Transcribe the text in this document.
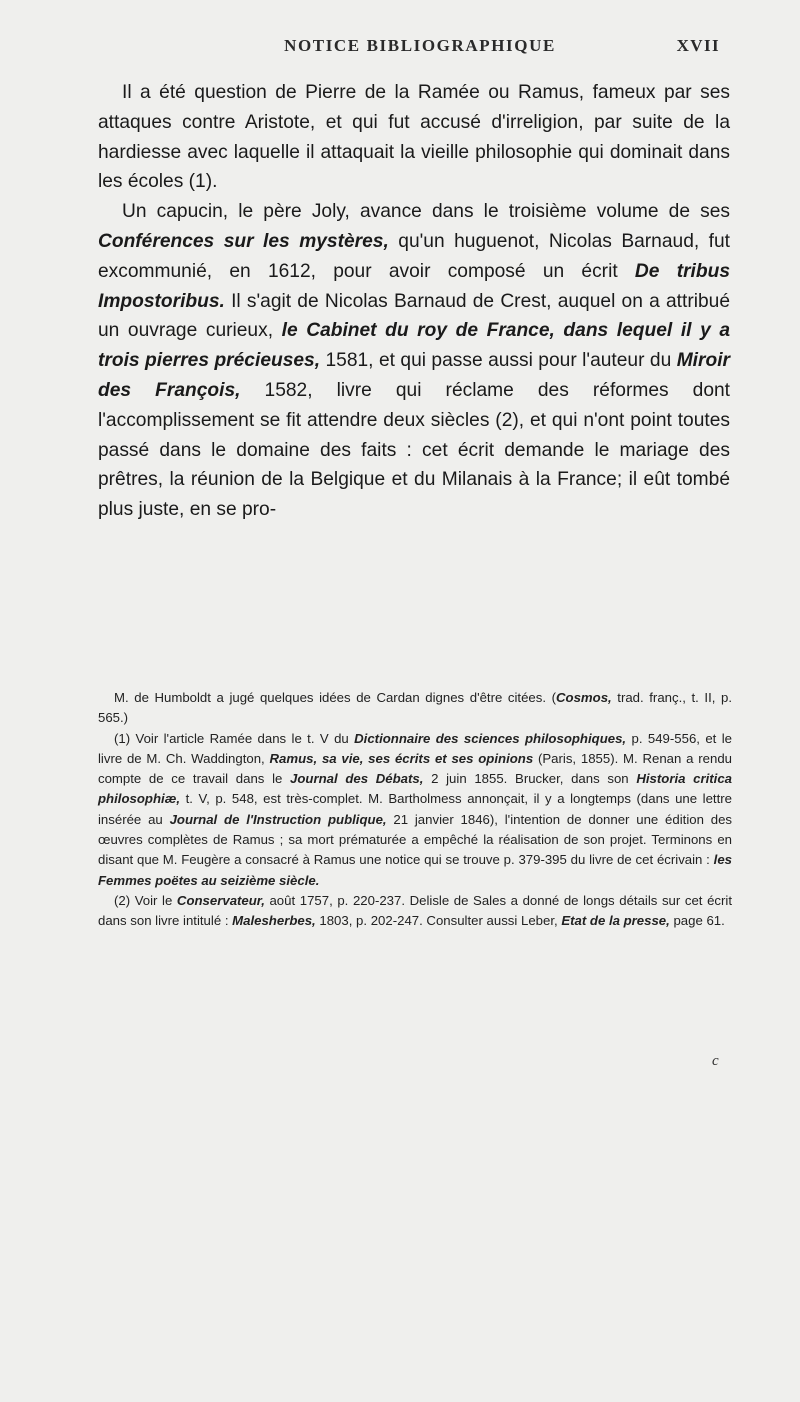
NOTICE BIBLIOGRAPHIQUE	XVII

Il a été question de Pierre de la Ramée ou Ramus, fameux par ses attaques contre Aristote, et qui fut accusé d'irreligion, par suite de la hardiesse avec laquelle il attaquait la vieille philosophie qui dominait dans les écoles (1).

Un capucin, le père Joly, avance dans le troisième volume de ses Conférences sur les mystères, qu'un huguenot, Nicolas Barnaud, fut excommunié, en 1612, pour avoir composé un écrit De tribus Impostoribus. Il s'agit de Nicolas Barnaud de Crest, auquel on a attribué un ouvrage curieux, le Cabinet du roy de France, dans lequel il y a trois pierres précieuses, 1581, et qui passe aussi pour l'auteur du Miroir des François, 1582, livre qui réclame des réformes dont l'accomplissement se fit attendre deux siècles (2), et qui n'ont point toutes passé dans le domaine des faits : cet écrit demande le mariage des prêtres, la réunion de la Belgique et du Milanais à la France; il eût tombé plus juste, en se pro-

M. de Humboldt a jugé quelques idées de Cardan dignes d'être citées. (Cosmos, trad. franç., t. II, p. 565.)

(1) Voir l'article Ramée dans le t. V du Dictionnaire des sciences philosophiques, p. 549-556, et le livre de M. Ch. Waddington, Ramus, sa vie, ses écrits et ses opinions (Paris, 1855). M. Renan a rendu compte de ce travail dans le Journal des Débats, 2 juin 1855. Brucker, dans son Historia critica philosophiæ, t. V, p. 548, est très-complet. M. Bartholmess annonçait, il y a longtemps (dans une lettre insérée au Journal de l'Instruction publique, 21 janvier 1846), l'intention de donner une édition des œuvres complètes de Ramus ; sa mort prématurée a empêché la réalisation de son projet. Terminons en disant que M. Feugère a consacré à Ramus une notice qui se trouve p. 379-395 du livre de cet écrivain : les Femmes poëtes au seizième siècle.

(2) Voir le Conservateur, août 1757, p. 220-237. Delisle de Sales a donné de longs détails sur cet écrit dans son livre intitulé : Malesherbes, 1803, p. 202-247. Consulter aussi Leber, Etat de la presse, page 61.

c
